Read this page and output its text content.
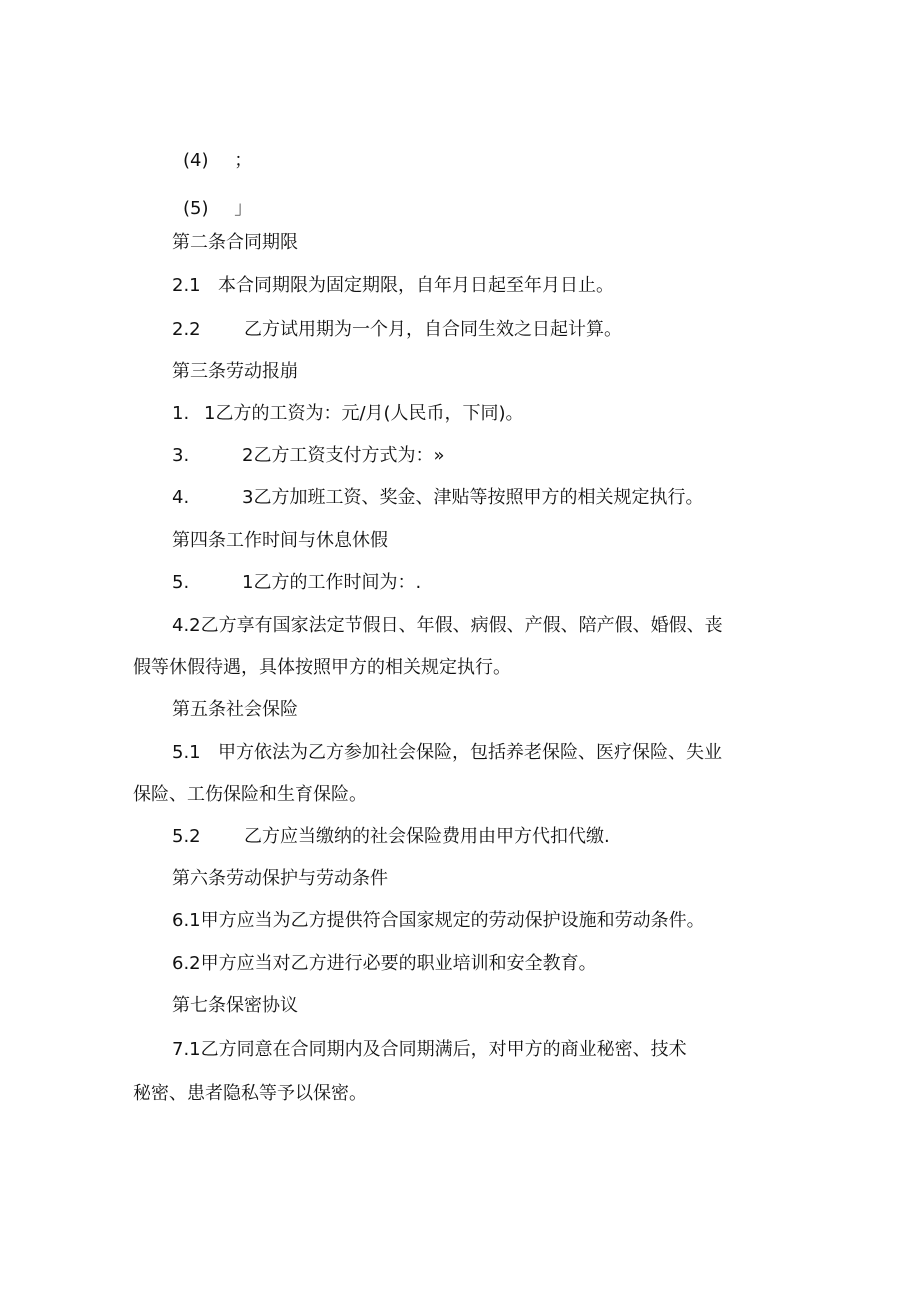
(4) ；
(5) 」
第二条合同期限
2.1 本合同期限为固定期限，自年月日起至年月日止。
2.2 乙方试用期为一个月，自合同生效之日起计算。
第三条劳动报崩
1. 1乙方的工资为：元/月(人民币，下同)。
3.	2乙方工资支付方式为：»
4.	3乙方加班工资、奖金、津贴等按照甲方的相关规定执行。
第四条工作时间与休息休假
5.	1乙方的工作时间为：.
4.2乙方享有国家法定节假日、年假、病假、产假、陪产假、婚假、丧
假等休假待遇，具体按照甲方的相关规定执行。
第五条社会保险
5.1 甲方依法为乙方参加社会保险，包括养老保险、医疗保险、失业
保险、工伤保险和生育保险。
5.2 乙方应当缴纳的社会保险费用由甲方代扣代缴.
第六条劳动保护与劳动条件
6.1甲方应当为乙方提供符合国家规定的劳动保护设施和劳动条件。
6.2甲方应当对乙方进行必要的职业培训和安全教育。
第七条保密协议
7.1乙方同意在合同期内及合同期满后，对甲方的商业秘密、技术
秘密、患者隐私等予以保密。
